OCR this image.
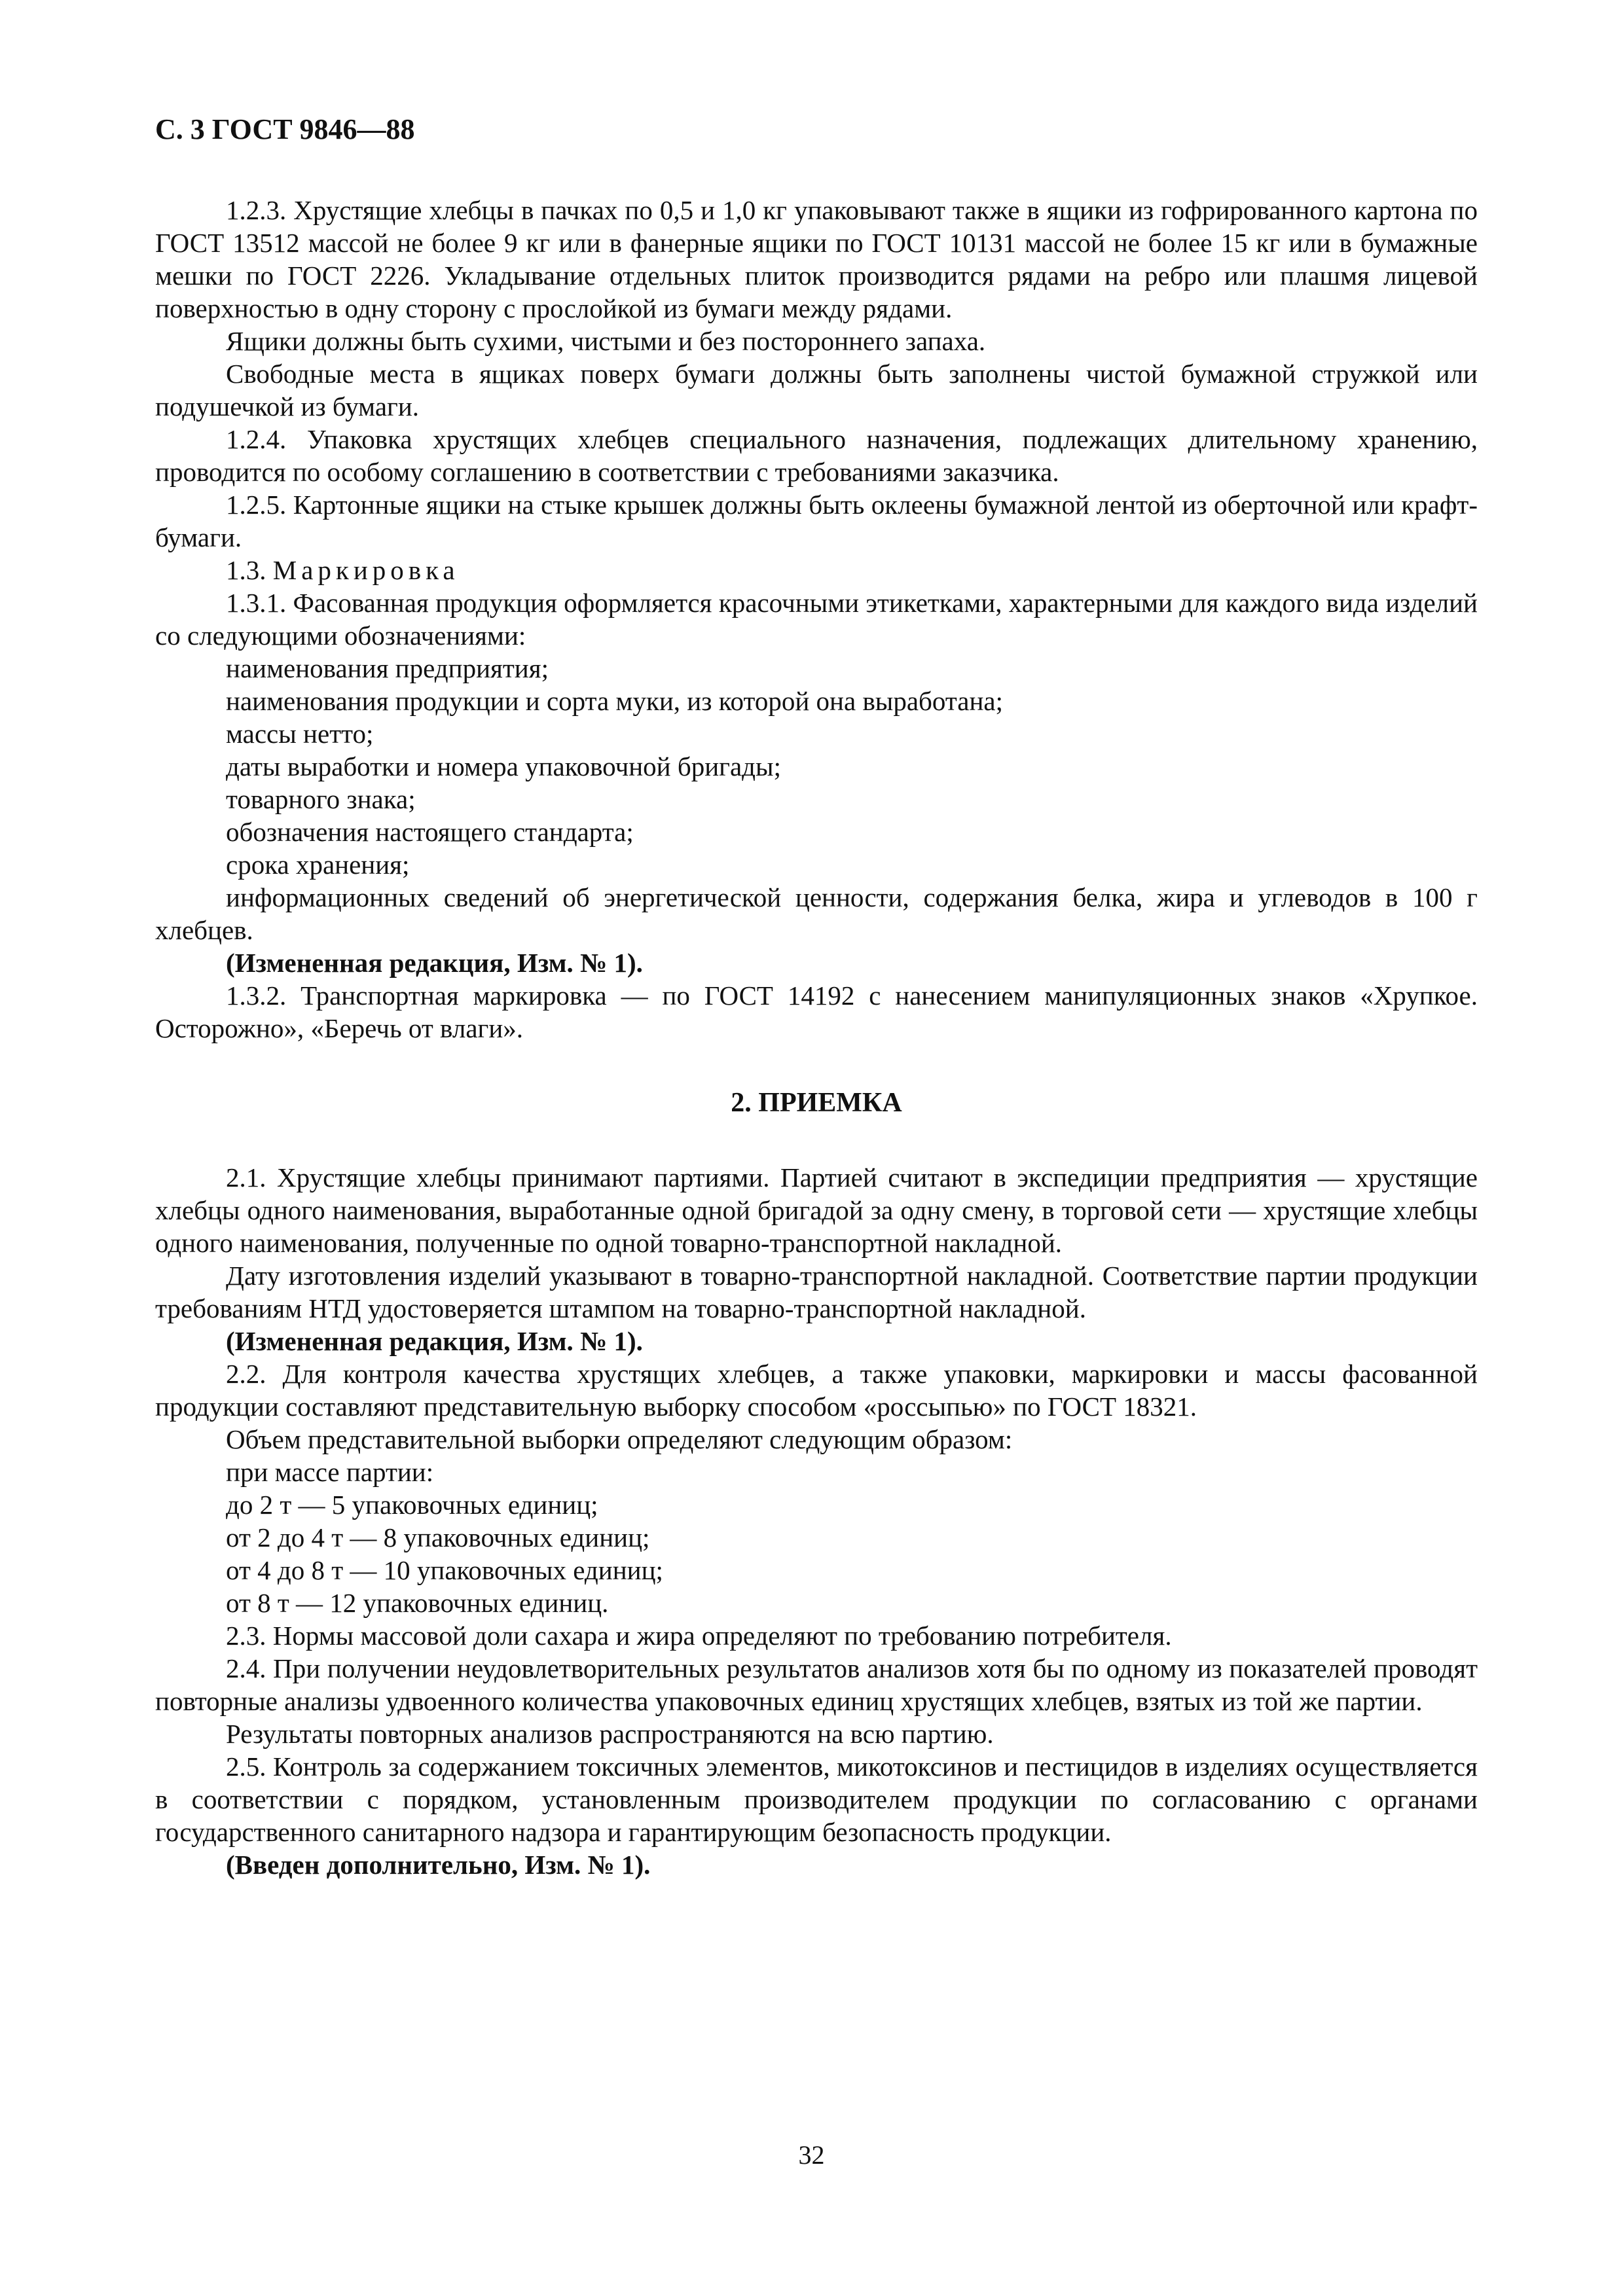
С. 3 ГОСТ 9846—88

1.2.3. Хрустящие хлебцы в пачках по 0,5 и 1,0 кг упаковывают также в ящики из гофрированного картона по ГОСТ 13512 массой не более 9 кг или в фанерные ящики по ГОСТ 10131 массой не более 15 кг или в бумажные мешки по ГОСТ 2226. Укладывание отдельных плиток производится рядами на ребро или плашмя лицевой поверхностью в одну сторону с прослойкой из бумаги между рядами.

Ящики должны быть сухими, чистыми и без постороннего запаха.

Свободные места в ящиках поверх бумаги должны быть заполнены чистой бумажной стружкой или подушечкой из бумаги.

1.2.4. Упаковка хрустящих хлебцев специального назначения, подлежащих длительному хранению, проводится по особому соглашению в соответствии с требованиями заказчика.

1.2.5. Картонные ящики на стыке крышек должны быть оклеены бумажной лентой из оберточной или крафт-бумаги.

1.3. Маркировка

1.3.1. Фасованная продукция оформляется красочными этикетками, характерными для каждого вида изделий со следующими обозначениями:

наименования предприятия;

наименования продукции и сорта муки, из которой она выработана;

массы нетто;

даты выработки и номера упаковочной бригады;

товарного знака;

обозначения настоящего стандарта;

срока хранения;

информационных сведений об энергетической ценности, содержания белка, жира и углеводов в 100 г хлебцев.

(Измененная редакция, Изм. № 1).

1.3.2. Транспортная маркировка — по ГОСТ 14192 с нанесением манипуляционных знаков «Хрупкое. Осторожно», «Беречь от влаги».

2. ПРИЕМКА

2.1. Хрустящие хлебцы принимают партиями. Партией считают в экспедиции предприятия — хрустящие хлебцы одного наименования, выработанные одной бригадой за одну смену, в торговой сети — хрустящие хлебцы одного наименования, полученные по одной товарно-транспортной накладной.

Дату изготовления изделий указывают в товарно-транспортной накладной. Соответствие партии продукции требованиям НТД удостоверяется штампом на товарно-транспортной накладной.

(Измененная редакция, Изм. № 1).

2.2. Для контроля качества хрустящих хлебцев, а также упаковки, маркировки и массы фасованной продукции составляют представительную выборку способом «россыпью» по ГОСТ 18321.

Объем представительной выборки определяют следующим образом:

при массе партии:

до 2 т — 5 упаковочных единиц;

от 2 до 4 т — 8 упаковочных единиц;

от 4 до 8 т — 10 упаковочных единиц;

от 8 т — 12 упаковочных единиц.

2.3. Нормы массовой доли сахара и жира определяют по требованию потребителя.

2.4. При получении неудовлетворительных результатов анализов хотя бы по одному из показателей проводят повторные анализы удвоенного количества упаковочных единиц хрустящих хлебцев, взятых из той же партии.

Результаты повторных анализов распространяются на всю партию.

2.5. Контроль за содержанием токсичных элементов, микотоксинов и пестицидов в изделиях осуществляется в соответствии с порядком, установленным производителем продукции по согласованию с органами государственного санитарного надзора и гарантирующим безопасность продукции.

(Введен дополнительно, Изм. № 1).

32
